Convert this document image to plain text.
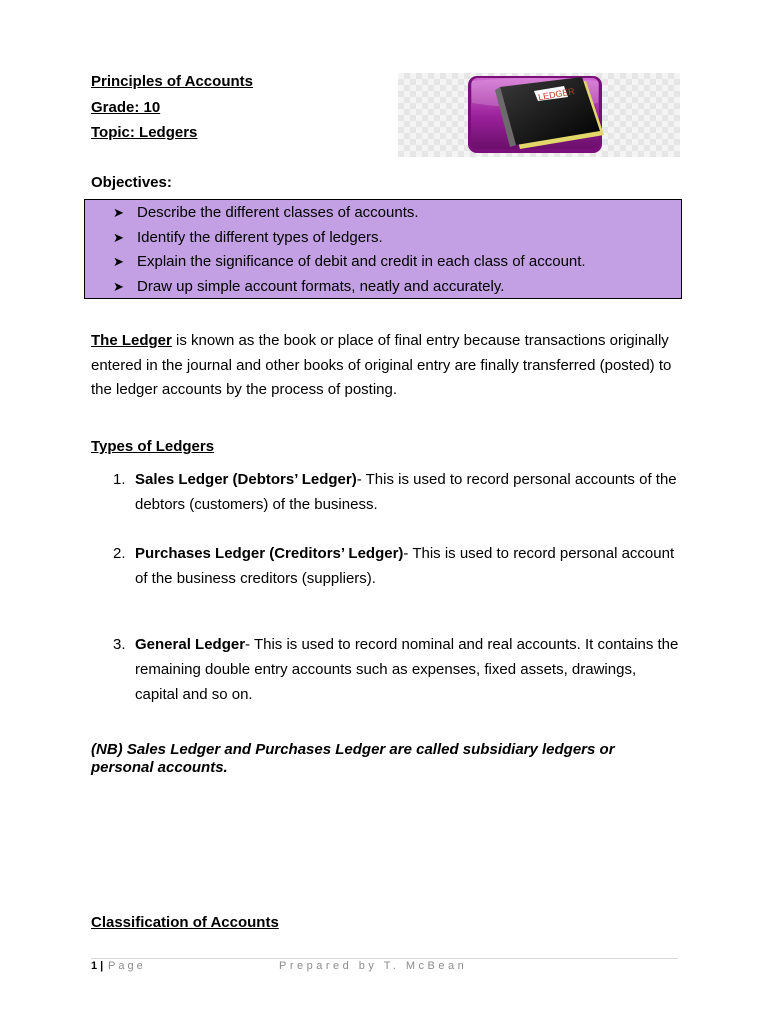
Principles of Accounts
Grade: 10
Topic: Ledgers
LEDGER
Objectives:
➤ Describe the different classes of accounts.
➤ Identify the different types of ledgers.
➤ Explain the significance of debit and credit in each class of account.
➤ Draw up simple account formats, neatly and accurately.
The Ledger is known as the book or place of final entry because transactions originally entered in the journal and other books of original entry are finally transferred (posted) to the ledger accounts by the process of posting.
Types of Ledgers
1. Sales Ledger (Debtors’ Ledger)- This is used to record personal accounts of the debtors (customers) of the business.
2. Purchases Ledger (Creditors’ Ledger)- This is used to record personal account of the business creditors (suppliers).
3. General Ledger- This is used to record nominal and real accounts. It contains the remaining double entry accounts such as expenses, fixed assets, drawings, capital and so on.
(NB) Sales Ledger and Purchases Ledger are called subsidiary ledgers or personal accounts.
Classification of Accounts
1 | Page	Prepared by T. McBean
